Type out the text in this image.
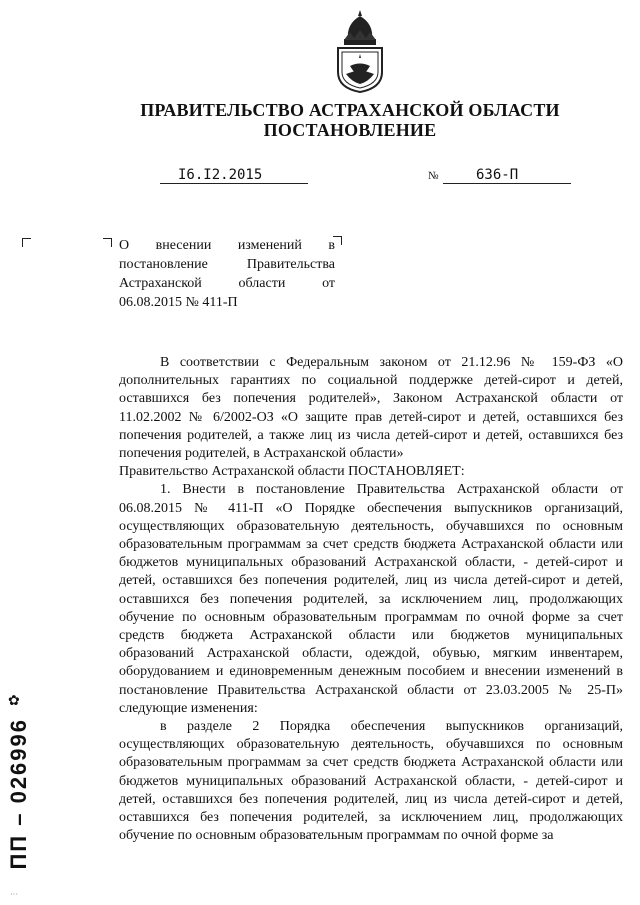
ПРАВИТЕЛЬСТВО АСТРАХАНСКОЙ ОБЛАСТИ
ПОСТАНОВЛЕНИЕ
I6.I2.2015	№	636-П
О внесении изменений в постановление Правительства Астраханской области от 06.08.2015 № 411-П

В соответствии с Федеральным законом от 21.12.96 № 159-ФЗ «О дополнительных гарантиях по социальной поддержке детей-сирот и детей, оставшихся без попечения родителей», Законом Астраханской области от 11.02.2002 № 6/2002-ОЗ «О защите прав детей-сирот и детей, оставшихся без попечения родителей, а также лиц из числа детей-сирот и детей, оставшихся без попечения родителей, в Астраханской области»

Правительство Астраханской области ПОСТАНОВЛЯЕТ:

1. Внести в постановление Правительства Астраханской области от 06.08.2015 № 411-П «О Порядке обеспечения выпускников организаций, осуществляющих образовательную деятельность, обучавшихся по основным образовательным программам за счет средств бюджета Астраханской области или бюджетов муниципальных образований Астраханской области, - детей-сирот и детей, оставшихся без попечения родителей, лиц из числа детей-сирот и детей, оставшихся без попечения родителей, за исключением лиц, продолжающих обучение по основным образовательным программам по очной форме за счет средств бюджета Астраханской области или бюджетов муниципальных образований Астраханской области, одеждой, обувью, мягким инвентарем, оборудованием и единовременным денежным пособием и внесении изменений в постановление Правительства Астраханской области от 23.03.2005 № 25-П» следующие изменения:

в разделе 2 Порядка обеспечения выпускников организаций, осуществляющих образовательную деятельность, обучавшихся по основным образовательным программам за счет средств бюджета Астраханской области или бюджетов муниципальных образований Астраханской области, - детей-сирот и детей, оставшихся без попечения родителей, лиц из числа детей-сирот и детей, оставшихся без попечения родителей, за исключением лиц, продолжающих обучение по основным образовательным программам по очной форме за

✿
ПП – 026996
···
